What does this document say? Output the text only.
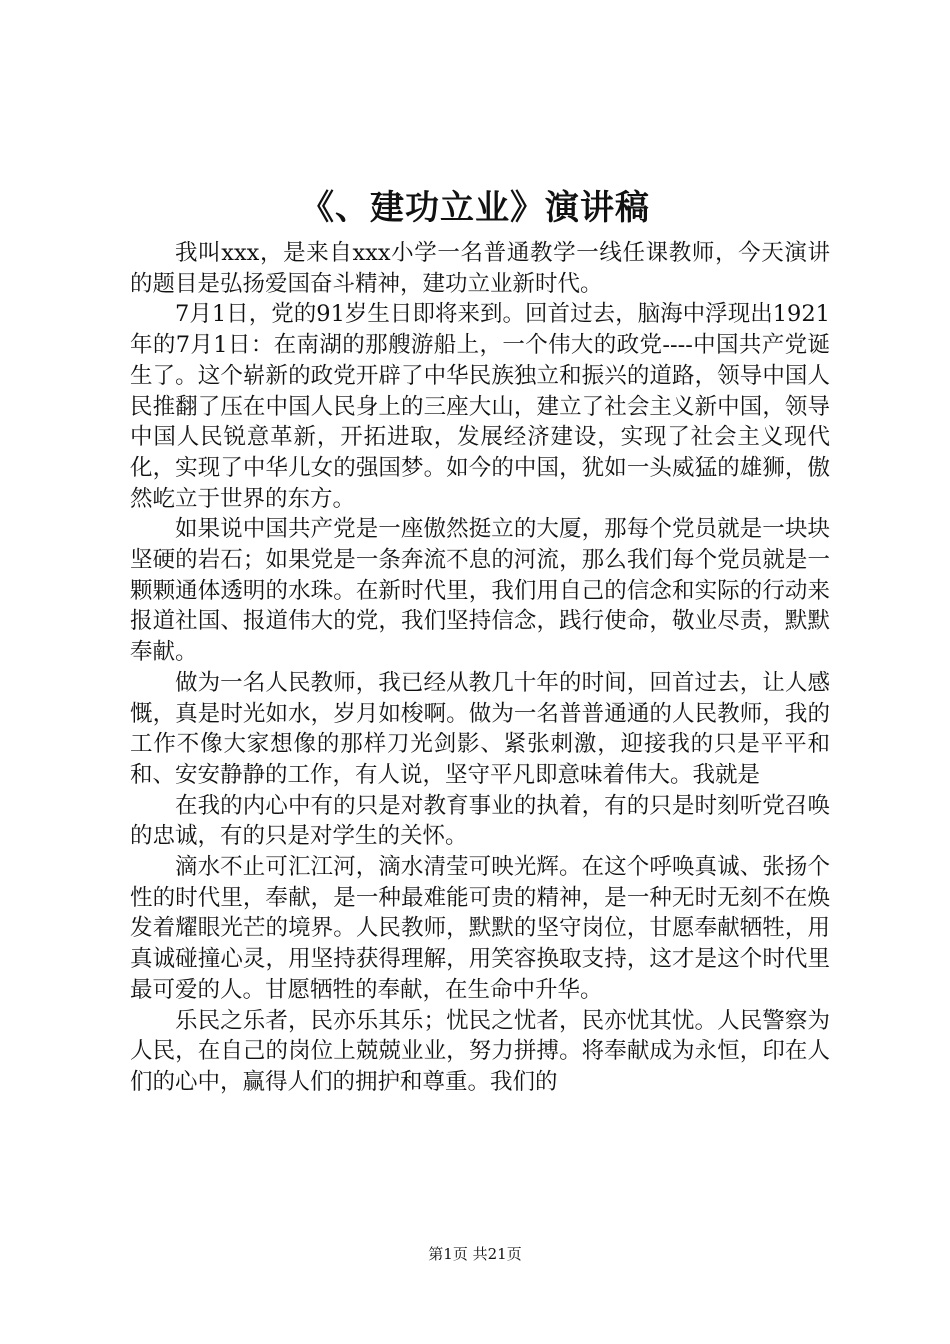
《、建功立业》演讲稿

我叫xxx，是来自xxx小学一名普通教学一线任课教师，今天演讲的题目是弘扬爱国奋斗精神，建功立业新时代。

7月1日，党的91岁生日即将来到。回首过去，脑海中浮现出1921年的7月1日：在南湖的那艘游船上，一个伟大的政党----中国共产党诞生了。这个崭新的政党开辟了中华民族独立和振兴的道路，领导中国人民推翻了压在中国人民身上的三座大山，建立了社会主义新中国，领导中国人民锐意革新，开拓进取，发展经济建设，实现了社会主义现代化，实现了中华儿女的强国梦。如今的中国，犹如一头威猛的雄狮，傲然屹立于世界的东方。

如果说中国共产党是一座傲然挺立的大厦，那每个党员就是一块块坚硬的岩石；如果党是一条奔流不息的河流，那么我们每个党员就是一颗颗通体透明的水珠。在新时代里，我们用自己的信念和实际的行动来报道社国、报道伟大的党，我们坚持信念，践行使命，敬业尽责，默默奉献。

做为一名人民教师，我已经从教几十年的时间，回首过去，让人感慨，真是时光如水，岁月如梭啊。做为一名普普通通的人民教师，我的工作不像大家想像的那样刀光剑影、紧张刺激，迎接我的只是平平和和、安安静静的工作，有人说，坚守平凡即意味着伟大。我就是

在我的内心中有的只是对教育事业的执着，有的只是时刻听党召唤的忠诚，有的只是对学生的关怀。

滴水不止可汇江河，滴水清莹可映光辉。在这个呼唤真诚、张扬个性的时代里，奉献，是一种最难能可贵的精神，是一种无时无刻不在焕发着耀眼光芒的境界。人民教师，默默的坚守岗位，甘愿奉献牺牲，用真诚碰撞心灵，用坚持获得理解，用笑容换取支持，这才是这个时代里最可爱的人。甘愿牺牲的奉献，在生命中升华。

乐民之乐者，民亦乐其乐；忧民之忧者，民亦忧其忧。人民警察为人民，在自己的岗位上兢兢业业，努力拼搏。将奉献成为永恒，印在人们的心中，赢得人们的拥护和尊重。我们的

第1页 共21页
